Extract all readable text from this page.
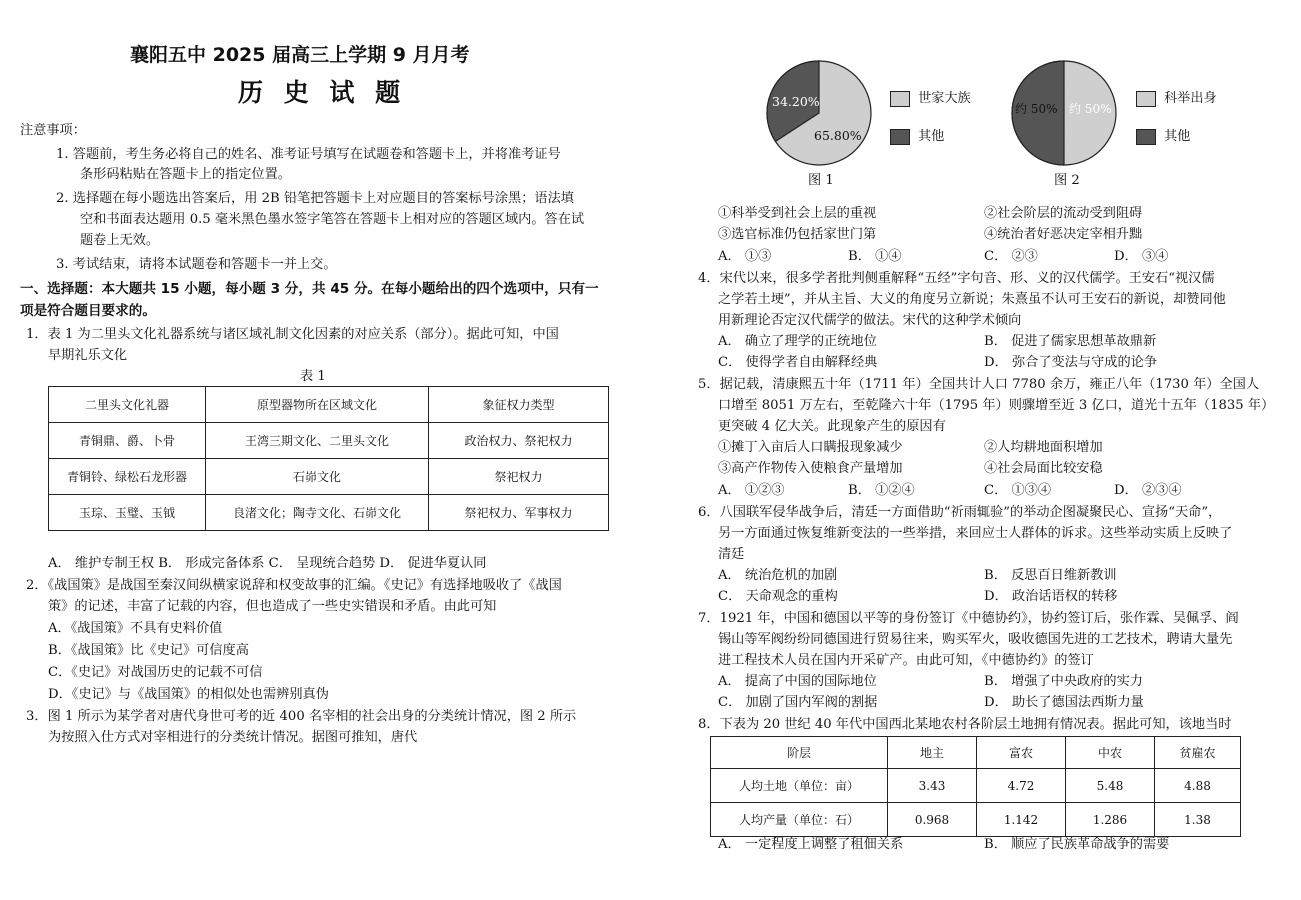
襄阳五中 2025 届高三上学期 9 月月考
历 史 试 题
注意事项：
1. 答题前，考生务必将自己的姓名、准考证号填写在试题卷和答题卡上，并将准考证号
条形码粘贴在答题卡上的指定位置。
2. 选择题在每小题选出答案后，用 2B 铅笔把答题卡上对应题目的答案标号涂黑；语法填
空和书面表达题用 0.5 毫米黑色墨水签字笔答在答题卡上相对应的答题区域内。答在试
题卷上无效。
3. 考试结束，请将本试题卷和答题卡一并上交。
一、选择题：本大题共 15 小题，每小题 3 分，共 45 分。在每小题给出的四个选项中，只有一
项是符合题目要求的。
1．表 1 为二里头文化礼器系统与诸区域礼制文化因素的对应关系（部分）。据此可知，中国
早期礼乐文化
表 1
二里头文化礼器	原型器物所在区域文化	象征权力类型
青铜鼎、爵、卜骨	王湾三期文化、二里头文化	政治权力、祭祀权力
青铜铃、绿松石龙形器	石峁文化	祭祀权力
玉琮、玉璧、玉钺	良渚文化；陶寺文化、石峁文化	祭祀权力、军事权力
A． 维护专制王权 B． 形成完备体系 C． 呈现统合趋势 D． 促进华夏认同
2．《战国策》是战国至秦汉间纵横家说辞和权变故事的汇编。《史记》有选择地吸收了《战国
策》的记述，丰富了记载的内容，但也造成了一些史实错误和矛盾。由此可知
A．《战国策》不具有史料价值
B．《战国策》比《史记》可信度高
C．《史记》对战国历史的记载不可信
D．《史记》与《战国策》的相似处也需辨别真伪
3．图 1 所示为某学者对唐代身世可考的近 400 名宰相的社会出身的分类统计情况，图 2 所示
为按照入仕方式对宰相进行的分类统计情况。据图可推知，唐代
34.20%
65.80%
世家大族
其他
图 1
约 50% 约 50%
科举出身
其他
图 2
①科举受到社会上层的重视	②社会阶层的流动受到阻碍
③选官标准仍包括家世门第	④统治者好恶决定宰相升黜
A． ①③	B． ①④	C． ②③	D． ③④
4．宋代以来，很多学者批判侧重解释“五经”字句音、形、义的汉代儒学。王安石“视汉儒
之学若土埂”，并从主旨、大义的角度另立新说；朱熹虽不认可王安石的新说，却赞同他
用新理论否定汉代儒学的做法。宋代的这种学术倾向
A． 确立了理学的正统地位	B． 促进了儒家思想革故鼎新
C． 使得学者自由解释经典	D． 弥合了变法与守成的论争
5．据记载，清康熙五十年（1711 年）全国共计人口 7780 余万，雍正八年（1730 年）全国人
口增至 8051 万左右，至乾隆六十年（1795 年）则骤增至近 3 亿口，道光十五年（1835 年）
更突破 4 亿大关。此现象产生的原因有
①摊丁入亩后人口瞒报现象减少	②人均耕地面积增加
③高产作物传入使粮食产量增加	④社会局面比较安稳
A． ①②③	B． ①②④	C． ①③④	D． ②③④
6．八国联军侵华战争后，清廷一方面借助“祈雨辄验”的举动企图凝聚民心、宣扬“天命”，
另一方面通过恢复维新变法的一些举措，来回应士人群体的诉求。这些举动实质上反映了
清廷
A． 统治危机的加剧	B． 反思百日维新教训
C． 天命观念的重构	D． 政治话语权的转移
7．1921 年，中国和德国以平等的身份签订《中德协约》，协约签订后，张作霖、吴佩孚、阎
锡山等军阀纷纷同德国进行贸易往来，购买军火，吸收德国先进的工艺技术，聘请大量先
进工程技术人员在国内开采矿产。由此可知，《中德协约》的签订
A． 提高了中国的国际地位	B． 增强了中央政府的实力
C． 加剧了国内军阀的割据	D． 助长了德国法西斯力量
8．下表为 20 世纪 40 年代中国西北某地农村各阶层土地拥有情况表。据此可知，该地当时
阶层	地主	富农	中农	贫雇农
人均土地（单位：亩）	3.43	4.72	5.48	4.88
人均产量（单位：石）	0.968	1.142	1.286	1.38
A． 一定程度上调整了租佃关系	B． 顺应了民族革命战争的需要
